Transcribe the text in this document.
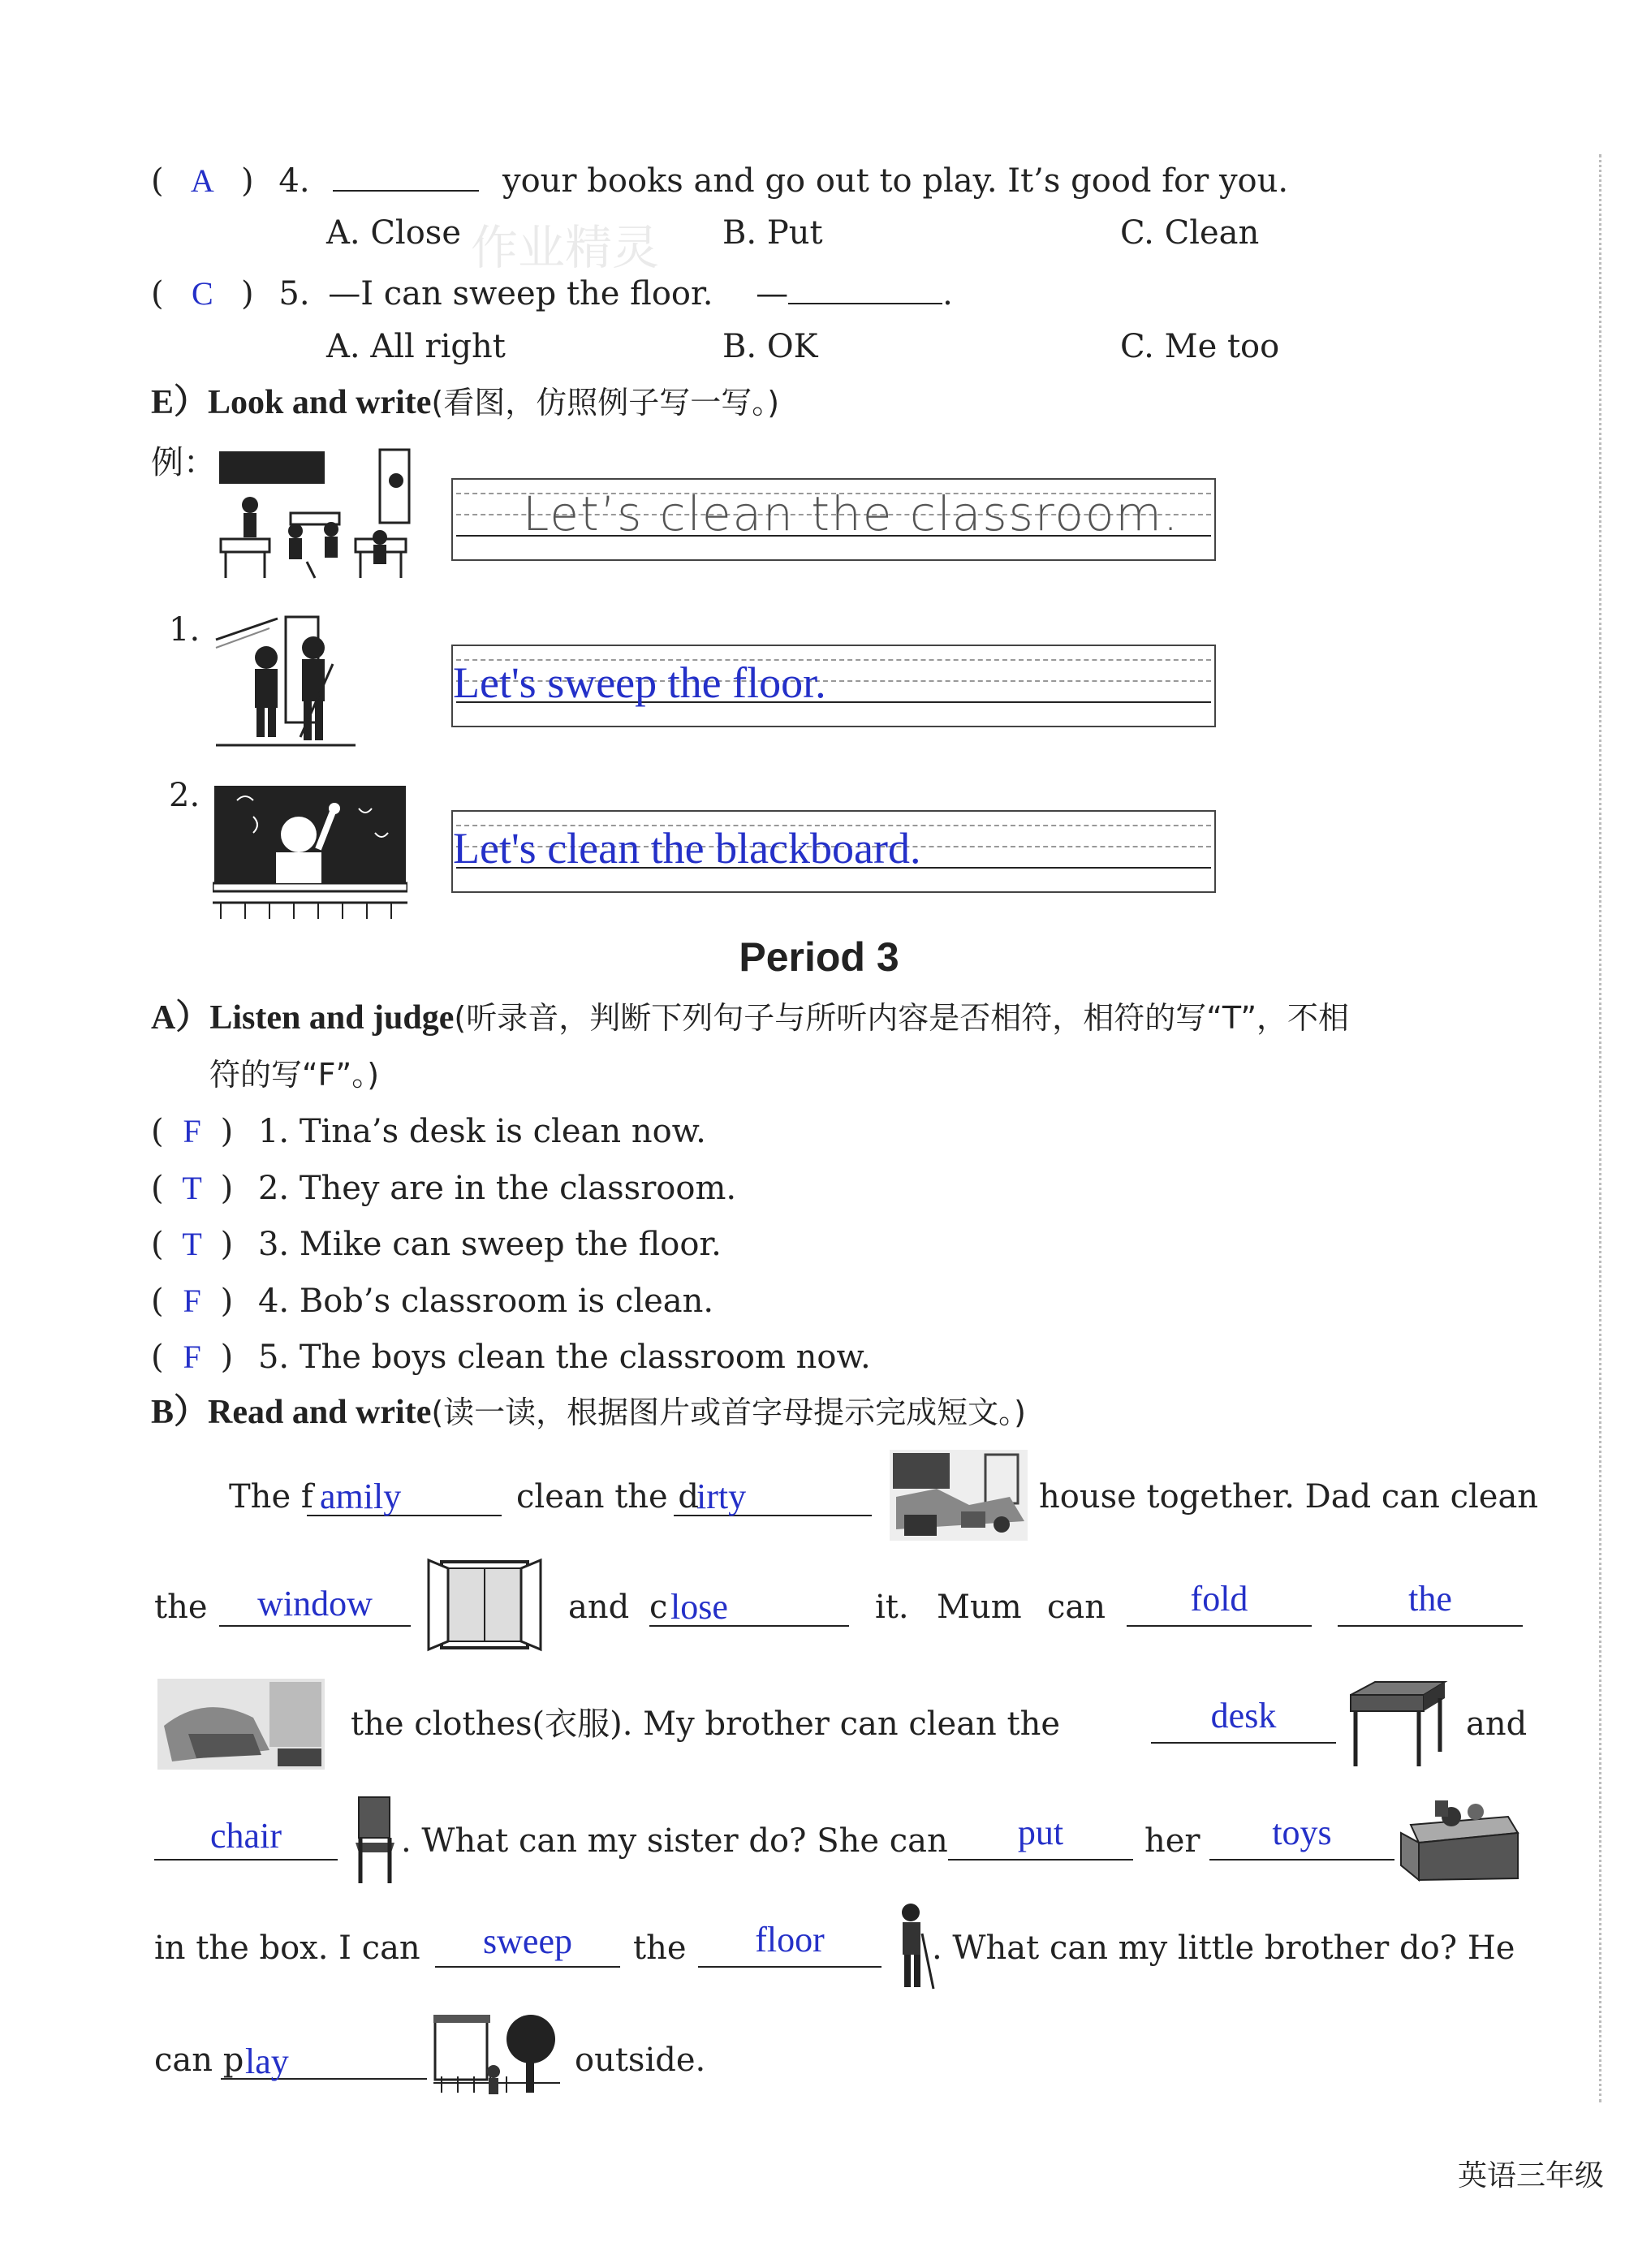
( A ) 4.	your books and go out to play. It’s good for you.
A. Close	B. Put	C. Clean
作业精灵
( C ) 5. —I can sweep the floor. —	.
A. All right	B. OK	C. Me too
E）Look and write(看图，仿照例子写一写。)
例：
Let’s clean the classroom.
1.
Let's sweep the floor.
2.
Let's clean the blackboard.
Period 3
A）Listen and judge(听录音，判断下列句子与所听内容是否相符，相符的写“T”，不相
符的写“F”。)
( F ) 1. Tina’s desk is clean now.
( T ) 2. They are in the classroom.
( T ) 3. Mike can sweep the floor.
( F ) 4. Bob’s classroom is clean.
( F ) 5. The boys clean the classroom now.
B）Read and write(读一读，根据图片或首字母提示完成短文。)
The f amily	clean the d
irty	house together. Dad can clean
the	window	and c lose	it. Mum can	fold	the
the clothes(衣服). My brother can clean the	desk	and
chair	. What can my sister do? She can	put	her	toys
in the box. I can	sweep	the	floor	. What can my little brother do? He
can p lay	outside.
英语三年级
